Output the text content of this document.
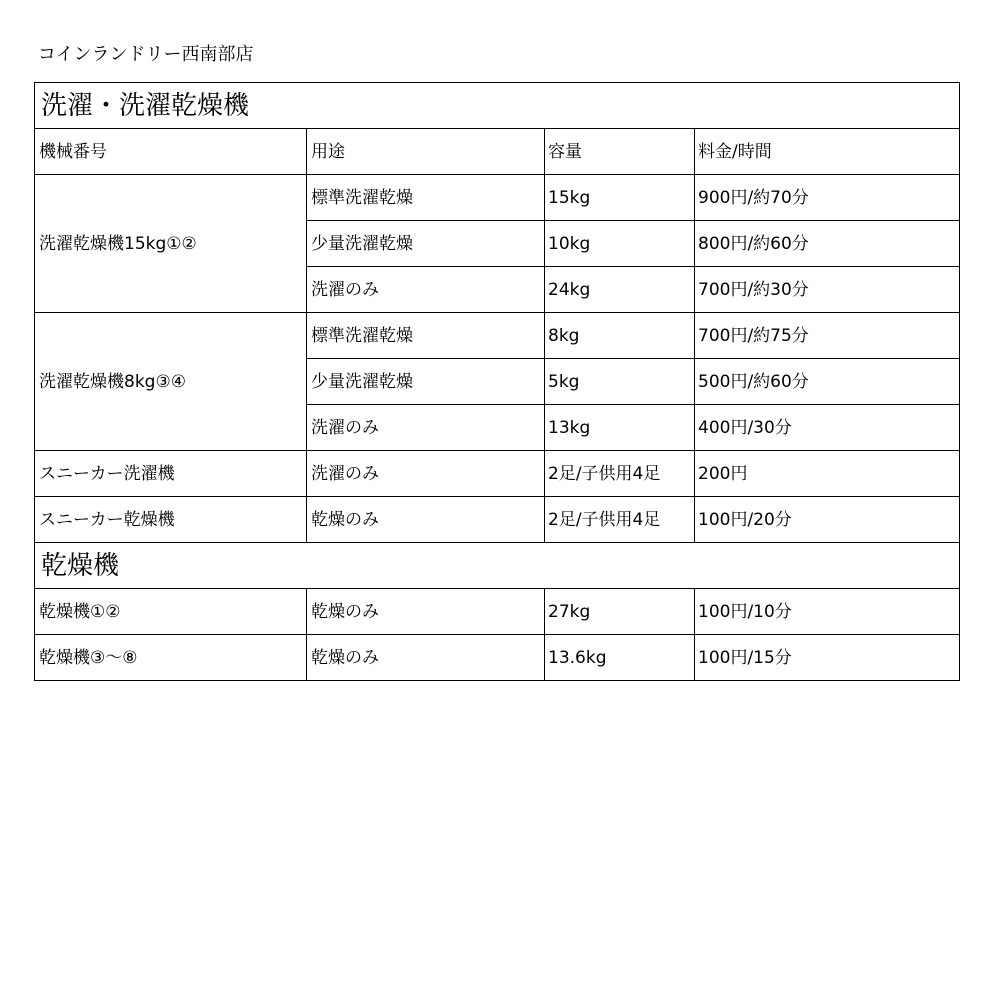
コインランドリー西南部店
洗濯・洗濯乾燥機			
機械番号	用途	容量	料金/時間
洗濯乾燥機15kg①②	標準洗濯乾燥	15kg	900円/約70分
	少量洗濯乾燥	10kg	800円/約60分
	洗濯のみ	24kg	700円/約30分
洗濯乾燥機8kg③④	標準洗濯乾燥	8kg	700円/約75分
	少量洗濯乾燥	5kg	500円/約60分
	洗濯のみ	13kg	400円/30分
スニーカー洗濯機	洗濯のみ	2足/子供用4足	200円
スニーカー乾燥機	乾燥のみ	2足/子供用4足	100円/20分
乾燥機			
乾燥機①②	乾燥のみ	27kg	100円/10分
乾燥機③～⑧	乾燥のみ	13.6kg	100円/15分
